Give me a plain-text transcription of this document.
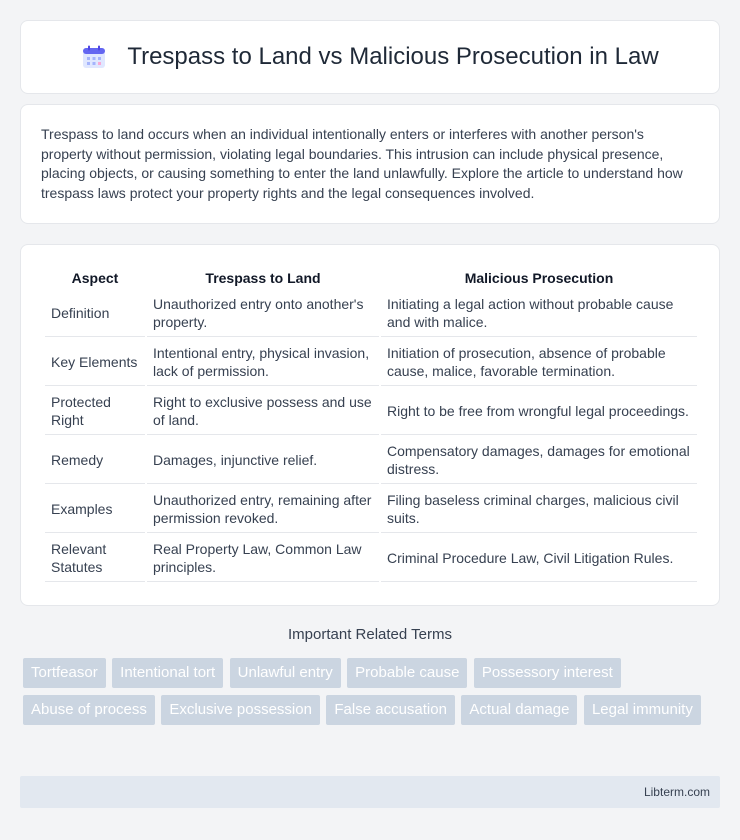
Trespass to Land vs Malicious Prosecution in Law

Trespass to land occurs when an individual intentionally enters or interferes with another person's property without permission, violating legal boundaries. This intrusion can include physical presence, placing objects, or causing something to enter the land unlawfully. Explore the article to understand how trespass laws protect your property rights and the legal consequences involved.

Aspect	Trespass to Land	Malicious Prosecution
Definition	Unauthorized entry onto another's property.	Initiating a legal action without probable cause and with malice.
Key Elements	Intentional entry, physical invasion, lack of permission.	Initiation of prosecution, absence of probable cause, malice, favorable termination.
Protected Right	Right to exclusive possess and use of land.	Right to be free from wrongful legal proceedings.
Remedy	Damages, injunctive relief.	Compensatory damages, damages for emotional distress.
Examples	Unauthorized entry, remaining after permission revoked.	Filing baseless criminal charges, malicious civil suits.
Relevant Statutes	Real Property Law, Common Law principles.	Criminal Procedure Law, Civil Litigation Rules.
Important Related Terms
Tortfeasor Intentional tort Unlawful entry Probable cause Possessory interest Abuse of process Exclusive possession False accusation Actual damage Legal immunity
Libterm.com
